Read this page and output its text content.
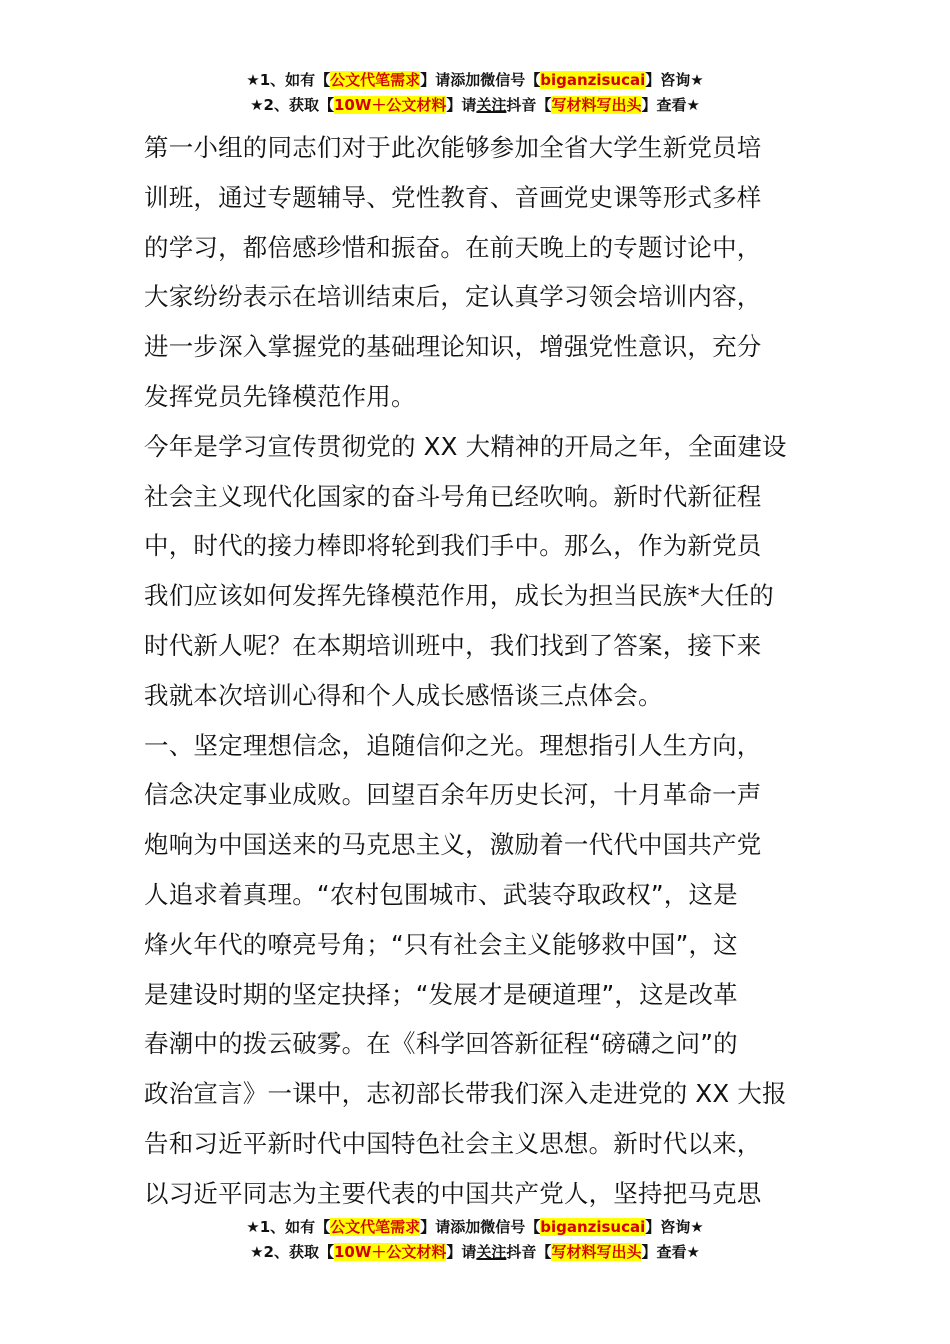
★1、如有【公文代笔需求】请添加微信号【biganzisucai】咨询★
★2、获取【10W＋公文材料】请关注抖音【写材料写出头】查看★

第一小组的同志们对于此次能够参加全省大学生新党员培
训班，通过专题辅导、党性教育、音画党史课等形式多样
的学习，都倍感珍惜和振奋。在前天晚上的专题讨论中，
大家纷纷表示在培训结束后，定认真学习领会培训内容，
进一步深入掌握党的基础理论知识，增强党性意识，充分
发挥党员先锋模范作用。

今年是学习宣传贯彻党的 XX 大精神的开局之年，全面建设
社会主义现代化国家的奋斗号角已经吹响。新时代新征程
中，时代的接力棒即将轮到我们手中。那么，作为新党员
我们应该如何发挥先锋模范作用，成长为担当民族*大任的
时代新人呢？在本期培训班中，我们找到了答案，接下来
我就本次培训心得和个人成长感悟谈三点体会。

一、坚定理想信念，追随信仰之光。理想指引人生方向，
信念决定事业成败。回望百余年历史长河，十月革命一声
炮响为中国送来的马克思主义，激励着一代代中国共产党
人追求着真理。“农村包围城市、武装夺取政权”，这是
烽火年代的嘹亮号角；“只有社会主义能够救中国”，这
是建设时期的坚定抉择；“发展才是硬道理”，这是改革
春潮中的拨云破雾。在《科学回答新征程“磅礴之问”的
政治宣言》一课中，志初部长带我们深入走进党的 XX 大报
告和习近平新时代中国特色社会主义思想。新时代以来，
以习近平同志为主要代表的中国共产党人，坚持把马克思

★1、如有【公文代笔需求】请添加微信号【biganzisucai】咨询★
★2、获取【10W＋公文材料】请关注抖音【写材料写出头】查看★
